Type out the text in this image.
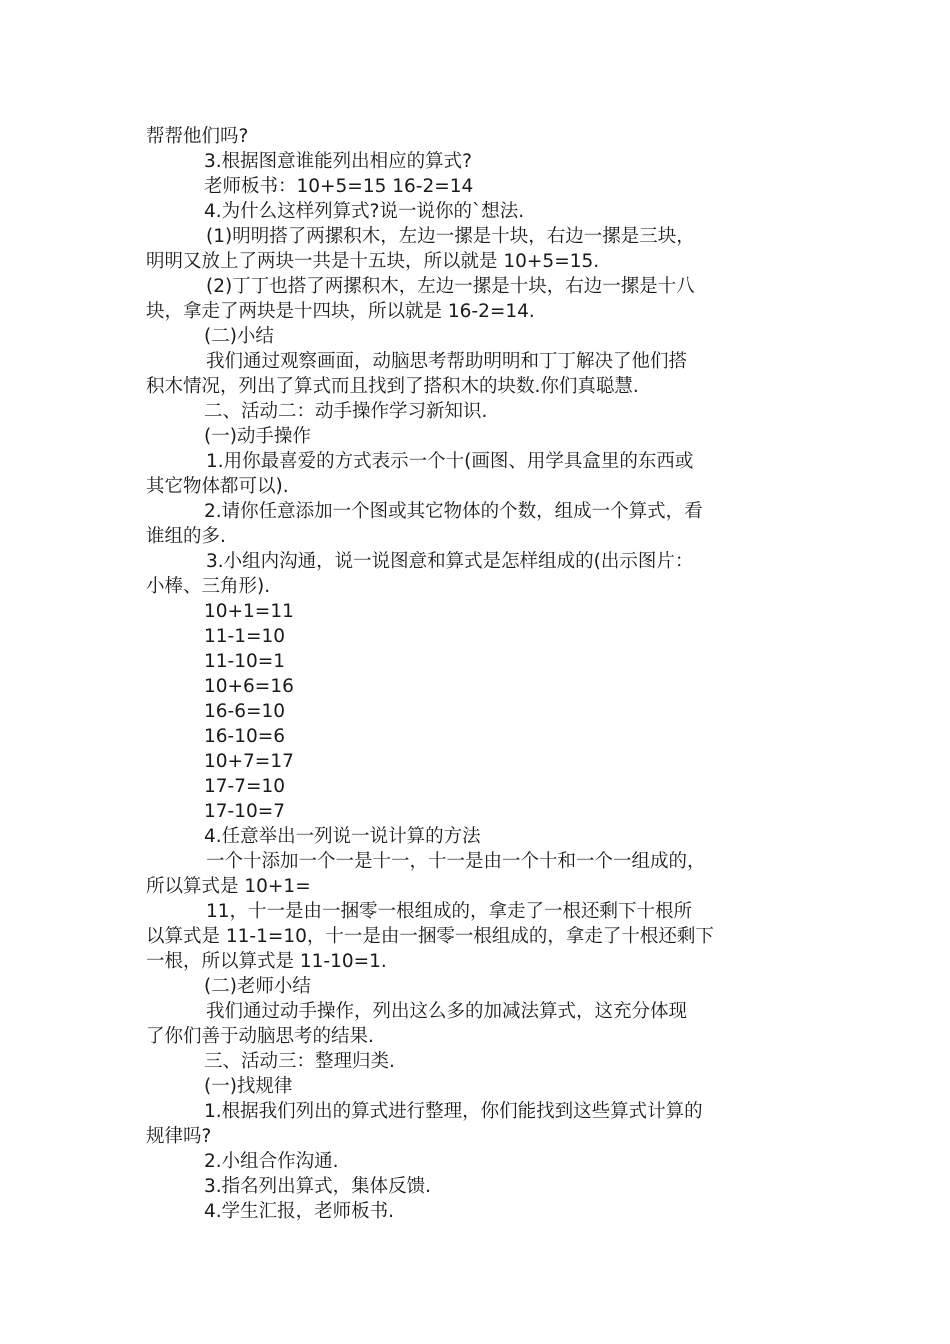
帮帮他们吗?

3.根据图意谁能列出相应的算式?

老师板书：10+5=15 16-2=14

4.为什么这样列算式?说一说你的`想法.

(1)明明搭了两摞积木，左边一摞是十块，右边一摞是三块，

明明又放上了两块一共是十五块，所以就是 10+5=15.

(2)丁丁也搭了两摞积木，左边一摞是十块，右边一摞是十八

块，拿走了两块是十四块，所以就是 16-2=14.

(二)小结

我们通过观察画面，动脑思考帮助明明和丁丁解决了他们搭

积木情况，列出了算式而且找到了搭积木的块数.你们真聪慧.

二、活动二：动手操作学习新知识.

(一)动手操作

1.用你最喜爱的方式表示一个十(画图、用学具盒里的东西或

其它物体都可以).

2.请你任意添加一个图或其它物体的个数，组成一个算式，看

谁组的多.

3.小组内沟通，说一说图意和算式是怎样组成的(出示图片：

小棒、三角形).

10+1=11

11-1=10

11-10=1

10+6=16

16-6=10

16-10=6

10+7=17

17-7=10

17-10=7

4.任意举出一列说一说计算的方法

一个十添加一个一是十一，十一是由一个十和一个一组成的，

所以算式是 10+1=

11，十一是由一捆零一根组成的，拿走了一根还剩下十根所

以算式是 11-1=10，十一是由一捆零一根组成的，拿走了十根还剩下

一根，所以算式是 11-10=1.

(二)老师小结

我们通过动手操作，列出这么多的加减法算式，这充分体现

了你们善于动脑思考的结果.

三、活动三：整理归类.

(一)找规律

1.根据我们列出的算式进行整理，你们能找到这些算式计算的

规律吗?

2.小组合作沟通.

3.指名列出算式，集体反馈.

4.学生汇报，老师板书.
